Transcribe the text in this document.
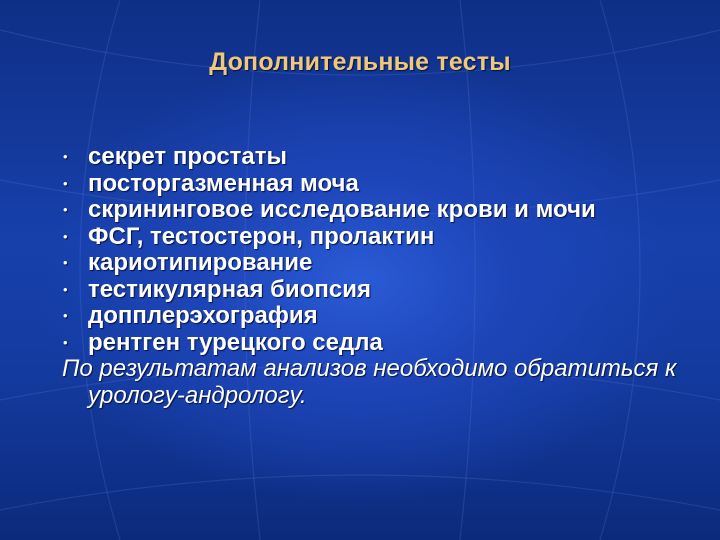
Дополнительные тесты
• секрет простаты
• посторгазменная моча
• скрининговое исследование крови и мочи
• ФСГ, тестостерон, пролактин
• кариотипирование
• тестикулярная биопсия
• допплерэхография
• рентген турецкого седла

По результатам анализов необходимо обратиться к урологу-андрологу.
